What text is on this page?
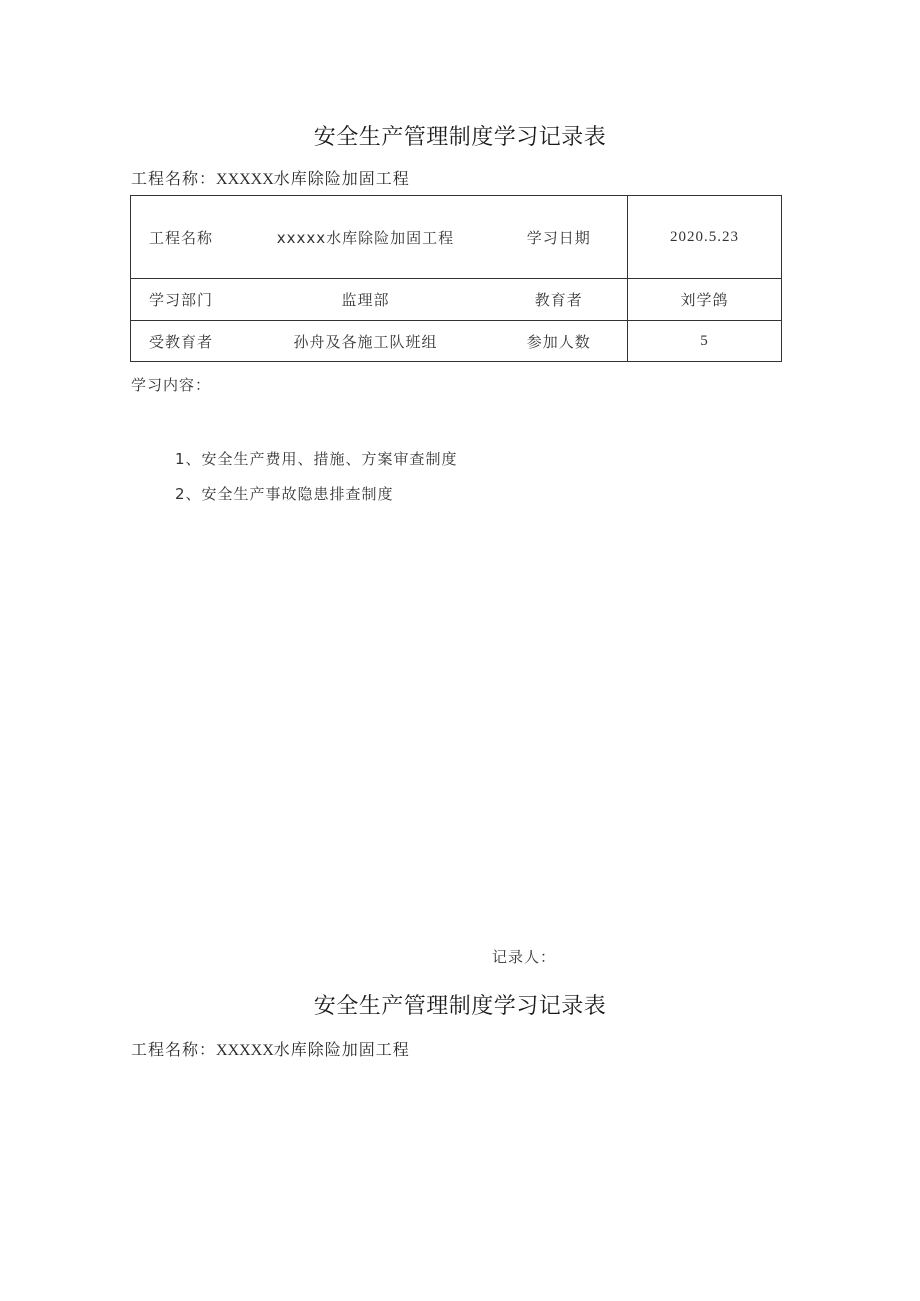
安全生产管理制度学习记录表
工程名称：XXXXX水库除险加固工程
工程名称	xxxxx水库除险加固工程	学习日期	2020.5.23
学习部门	监理部	教育者	刘学鸽
受教育者	孙舟及各施工队班组	参加人数	5
学习内容：
1、安全生产费用、措施、方案审查制度
2、安全生产事故隐患排查制度
记录人：
安全生产管理制度学习记录表
工程名称：XXXXX水库除险加固工程
